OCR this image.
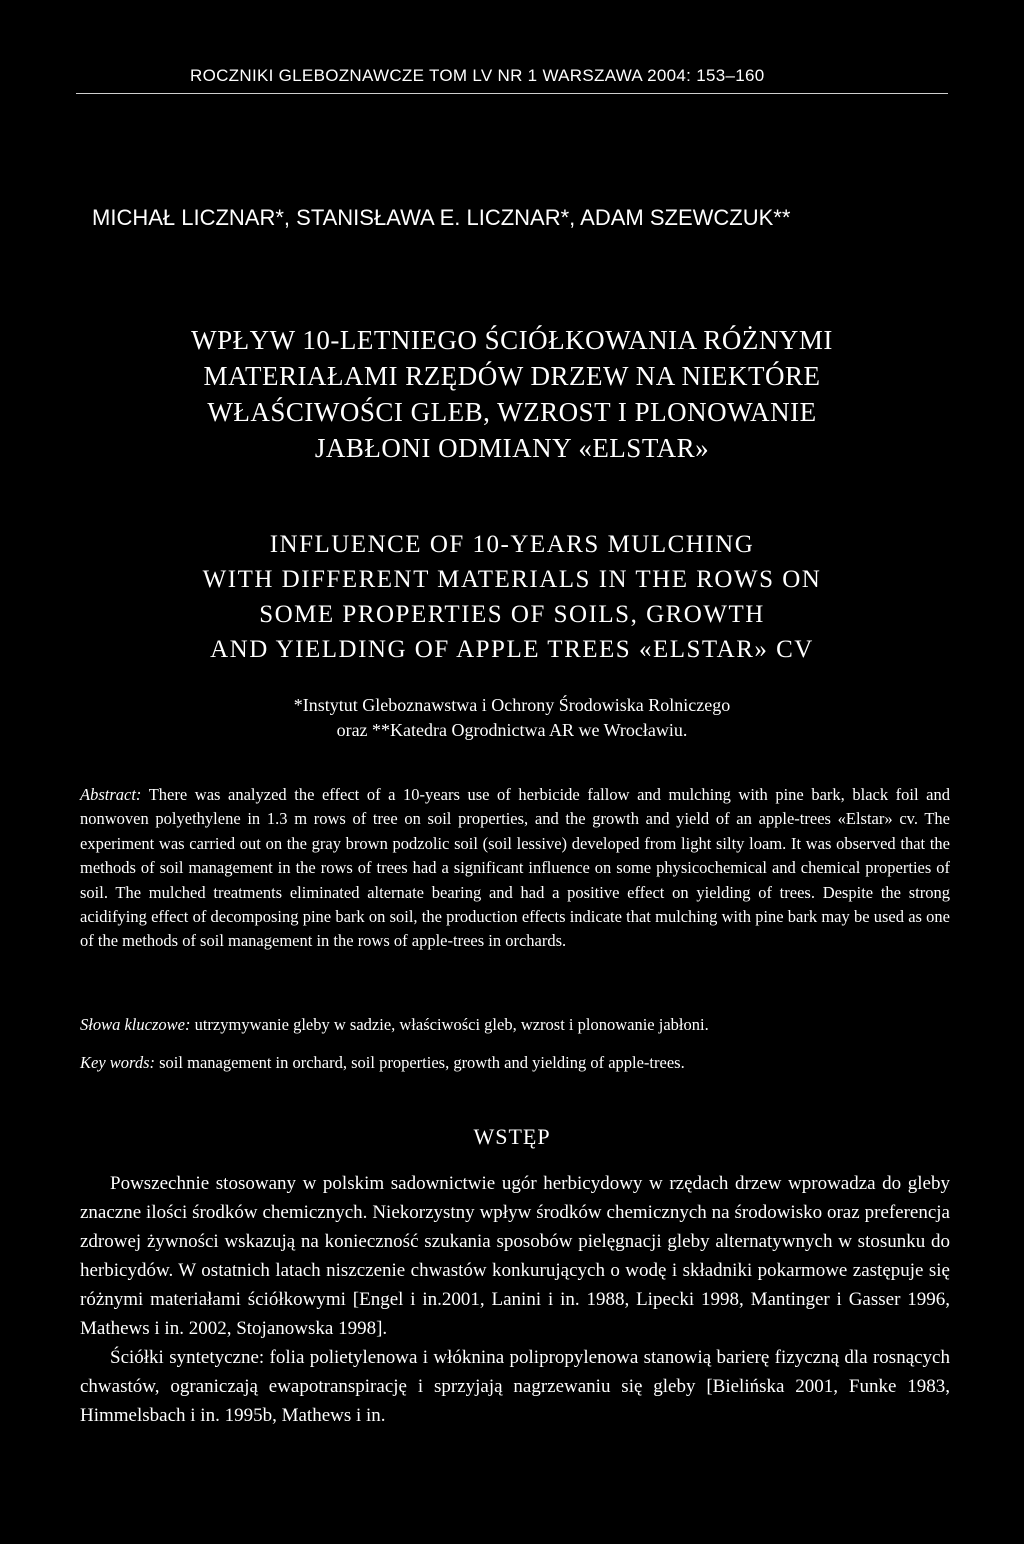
ROCZNIKI GLEBOZNAWCZE TOM LV NR 1 WARSZAWA 2004: 153–160
MICHAŁ LICZNAR*, STANISŁAWA E. LICZNAR*, ADAM SZEWCZUK**
WPŁYW 10-LETNIEGO ŚCIÓŁKOWANIA RÓŻNYMI
MATERIAŁAMI RZĘDÓW DRZEW NA NIEKTÓRE
WŁAŚCIWOŚCI GLEB, WZROST I PLONOWANIE
JABŁONI ODMIANY «ELSTAR»
INFLUENCE OF 10-YEARS MULCHING
WITH DIFFERENT MATERIALS IN THE ROWS ON
SOME PROPERTIES OF SOILS, GROWTH
AND YIELDING OF APPLE TREES «ELSTAR» CV
*Instytut Gleboznawstwa i Ochrony Środowiska Rolniczego
oraz **Katedra Ogrodnictwa AR we Wrocławiu.
Abstract: There was analyzed the effect of a 10-years use of herbicide fallow and mulching with pine bark, black foil and nonwoven polyethylene in 1.3 m rows of tree on soil properties, and the growth and yield of an apple-trees «Elstar» cv. The experiment was carried out on the gray brown podzolic soil (soil lessive) developed from light silty loam. It was observed that the methods of soil management in the rows of trees had a significant influence on some physicochemical and chemical properties of soil. The mulched treatments eliminated alternate bearing and had a positive effect on yielding of trees. Despite the strong acidifying effect of decomposing pine bark on soil, the production effects indicate that mulching with pine bark may be used as one of the methods of soil management in the rows of apple-trees in orchards.
Słowa kluczowe: utrzymywanie gleby w sadzie, właściwości gleb, wzrost i plonowanie jabłoni.
Key words: soil management in orchard, soil properties, growth and yielding of apple-trees.
WSTĘP

Powszechnie stosowany w polskim sadownictwie ugór herbicydowy w rzędach drzew wprowadza do gleby znaczne ilości środków chemicznych. Niekorzystny wpływ środków chemicznych na środowisko oraz preferencja zdrowej żywności wskazują na konieczność szukania sposobów pielęgnacji gleby alternatywnych w stosunku do herbicydów. W ostatnich latach niszczenie chwastów konkurujących o wodę i składniki pokarmowe zastępuje się różnymi materiałami ściółkowymi [Engel i in.2001, Lanini i in. 1988, Lipecki 1998, Mantinger i Gasser 1996, Mathews i in. 2002, Stojanowska 1998].

Ściółki syntetyczne: folia polietylenowa i włóknina polipropylenowa stanowią barierę fizyczną dla rosnących chwastów, ograniczają ewapotranspirację i sprzyjają nagrzewaniu się gleby [Bielińska 2001, Funke 1983, Himmelsbach i in. 1995b, Mathews i in.
